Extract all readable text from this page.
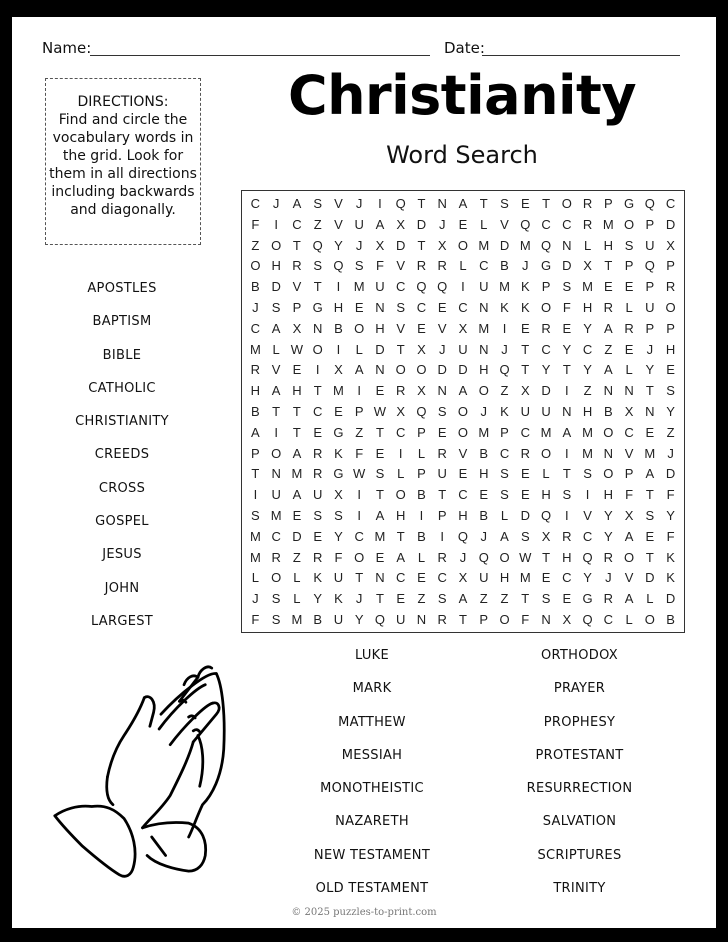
Name:	Date:
DIRECTIONS:
Find and circle the vocabulary words in the grid. Look for them in all directions including backwards and diagonally.
Christianity
Word Search
C J	A S V	J	I	Q T N A T S E T O R P G Q C
F	I	C Z V U A X D J	E L V Q C C R M O P D
Z O T Q Y	J	X D T X O M D M Q N L H S U X
O H R S Q S F V R R L C B	J G D X T P Q P
B D V T	I	M U C Q Q	I	U M K P S M E E P R
J	S P G H E N S C E C N K K O F H R L U O
C A X N B O H V E V X M	I	E R E Y A R P P
M L W O	I	L D T X	J U N J	T C Y C Z E	J H
R V E	I	X A N O O D D H Q T Y T Y A L Y E
H A H T M	I	E R X N A O Z X D	I	Z N N T S
B T T C E P W X Q S O J	K U U N H B X N Y
A	I	T E G Z T C P E O M P C M A M O C E Z
P O A R K F E	I	L R V B C R O	I	M N V M J
T N M R G W S L P U E H S E L	T S O P A D
I	U A U X	I	T O B T C E S E H S	I	H F T F
S M E S S	I	A H	I	P H B L D Q	I	V Y X S Y
M C D E Y C M T B	I	Q J	A S X R C Y A E F
M R Z R F O E A L R J Q O W T H Q R O T K
L O L K U T N C E C X U H M E C Y	J	V D K
J	S L Y K	J	T E Z S A Z Z T S E G R A L D
F S M B U Y Q U N R T P O F N X Q C L O B
APOSTLES
BAPTISM
BIBLE
CATHOLIC
CHRISTIANITY
CREEDS
CROSS
GOSPEL
JESUS
JOHN
LARGEST
LUKE
MARK
MATTHEW
MESSIAH
MONOTHEISTIC
NAZARETH
NEW TESTAMENT
OLD TESTAMENT
ORTHODOX
PRAYER
PROPHESY
PROTESTANT
RESURRECTION
SALVATION
SCRIPTURES
TRINITY
© 2025 puzzles-to-print.com
